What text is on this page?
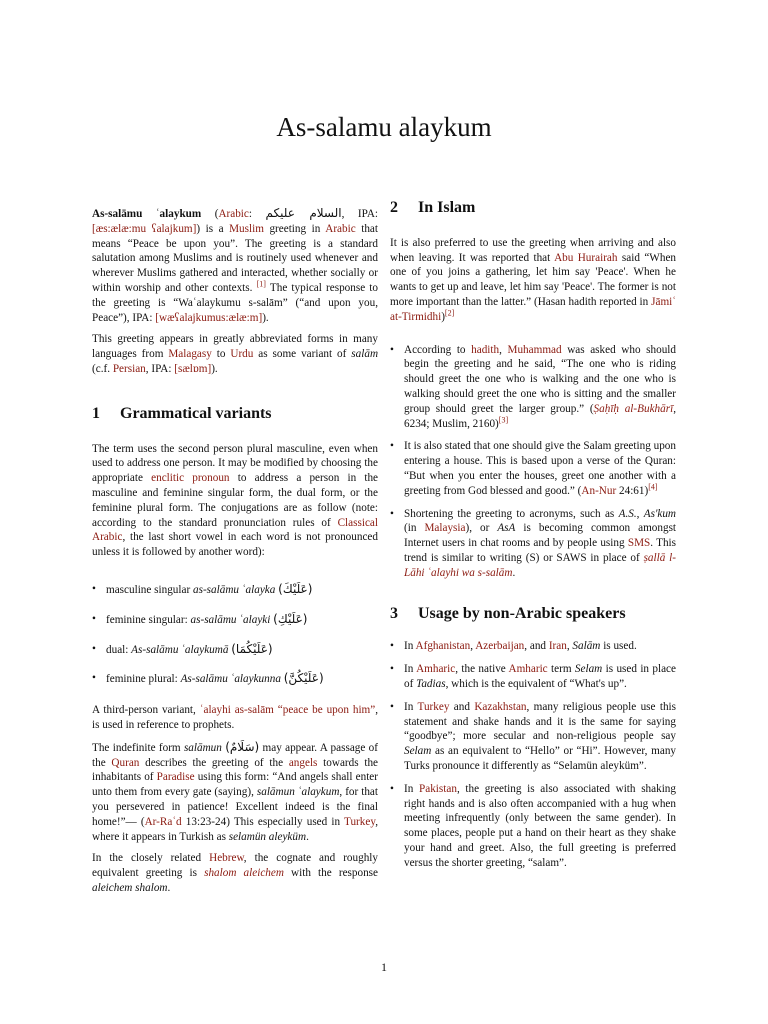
As-salamu alaykum

As-salāmu ʿalaykum (Arabic: السلام عليكم, IPA: [æs:ælæ:mu ʕalajkum]) is a Muslim greeting in Arabic that means “Peace be upon you”. The greeting is a standard salutation among Muslims and is routinely used whenever and wherever Muslims gathered and interacted, whether socially or within worship and other contexts. [1] The typical response to the greeting is “Waʿalaykumu s-salām” (“and upon you, Peace”), IPA: [wæʕalajkumus:ælæ:m]).

This greeting appears in greatly abbreviated forms in many languages from Malagasy to Urdu as some variant of salām (c.f. Persian, IPA: [sælɒm]).

1 Grammatical variants

The term uses the second person plural masculine, even when used to address one person. It may be modified by choosing the appropriate enclitic pronoun to address a person in the masculine and feminine singular form, the dual form, or the feminine plural form. The conjugations are as follow (note: according to the standard pronunciation rules of Classical Arabic, the last short vowel in each word is not pronounced unless it is followed by another word):

• masculine singular as-salāmu ʿalayka (عَلَيْكَ)
• feminine singular: as-salāmu ʿalayki (عَلَيْكِ)
• dual: As-salāmu ʿalaykumā (عَلَيْكُمَا)
• feminine plural: As-salāmu ʿalaykunna (عَلَيْكُنَّ)

A third-person variant, ʿalayhi as-salām “peace be upon him”, is used in reference to prophets.

The indefinite form salāmun (سَلَامٌ) may appear. A passage of the Quran describes the greeting of the angels towards the inhabitants of Paradise using this form: “And angels shall enter unto them from every gate (saying), salāmun ʿalaykum, for that you persevered in patience! Excellent indeed is the final home!”— (Ar-Raʿd 13:23-24) This especially used in Turkey, where it appears in Turkish as selamün aleyküm.

In the closely related Hebrew, the cognate and roughly equivalent greeting is shalom aleichem with the response aleichem shalom.

2 In Islam

It is also preferred to use the greeting when arriving and also when leaving. It was reported that Abu Hurairah said “When one of you joins a gathering, let him say 'Peace'. When he wants to get up and leave, let him say 'Peace'. The former is not more important than the latter.” (Hasan hadith reported in Jāmiʿ at-Tirmidhi)[2]

• According to hadith, Muhammad was asked who should begin the greeting and he said, “The one who is riding should greet the one who is walking and the one who is walking should greet the one who is sitting and the smaller group should greet the larger group.” (Ṣaḥīḥ al-Bukhārī, 6234; Muslim, 2160)[3]
• It is also stated that one should give the Salam greeting upon entering a house. This is based upon a verse of the Quran: “But when you enter the houses, greet one another with a greeting from God blessed and good.” (An-Nur 24:61)[4]
• Shortening the greeting to acronyms, such as A.S., As'kum (in Malaysia), or AsA is becoming common amongst Internet users in chat rooms and by people using SMS. This trend is similar to writing (S) or SAWS in place of ṣallā l-Lāhi ʿalayhi wa s-salām.
3 Usage by non-Arabic speakers
• In Afghanistan, Azerbaijan, and Iran, Salām is used.
• In Amharic, the native Amharic term Selam is used in place of Tadias, which is the equivalent of “What's up”.
• In Turkey and Kazakhstan, many religious people use this statement and shake hands and it is the same for saying “goodbye”; more secular and non-religious people say Selam as an equivalent to “Hello” or “Hi”. However, many Turks pronounce it differently as “Selamün aleyküm”.
• In Pakistan, the greeting is also associated with shaking right hands and is also often accompanied with a hug when meeting infrequently (only between the same gender). In some places, people put a hand on their heart as they shake your hand and greet. Also, the full greeting is preferred versus the shorter greeting, “salam”.
1
